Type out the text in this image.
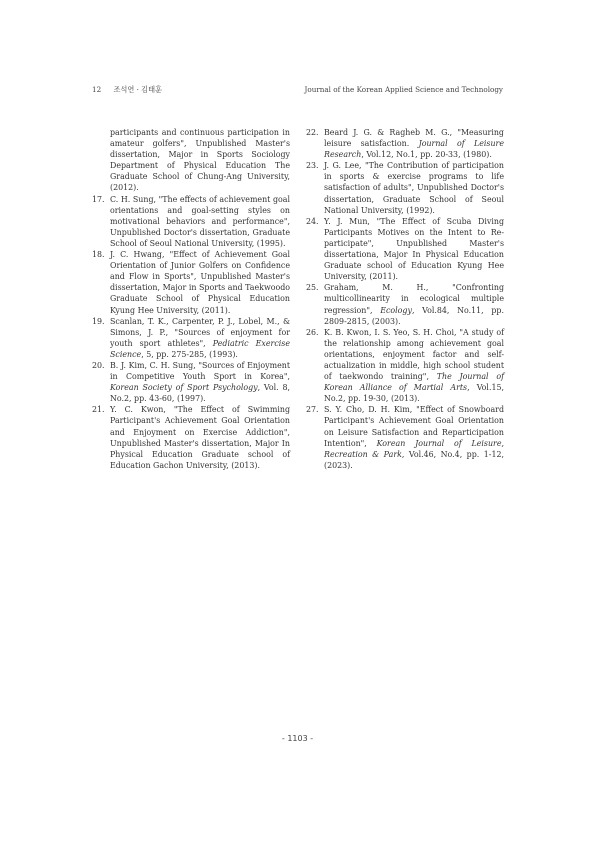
12 조석연 · 김태훈	Journal of the Korean Applied Science and Technology
participants and continuous participation in amateur golfers", Unpublished Master's dissertation, Major in Sports Sociology Department of Physical Education The Graduate School of Chung-Ang University, (2012).
17. C. H. Sung, "The effects of achievement goal orientations and goal-setting styles on motivational behaviors and performance", Unpublished Doctor's dissertation, Graduate School of Seoul National University, (1995).
18. J. C. Hwang, "Effect of Achievement Goal Orientation of Junior Golfers on Confidence and Flow in Sports", Unpublished Master's dissertation, Major in Sports and Taekwoodo Graduate School of Physical Education Kyung Hee University, (2011).
19. Scanlan, T. K., Carpenter, P. J., Lobel, M., & Simons, J. P., "Sources of enjoyment for youth sport athletes", Pediatric Exercise Science, 5, pp. 275-285, (1993).
20. B. J. Kim, C. H. Sung, "Sources of Enjoyment in Competitive Youth Sport in Korea", Korean Society of Sport Psychology, Vol. 8, No.2, pp. 43-60, (1997).
21. Y. C. Kwon, "The Effect of Swimming Participant's Achievement Goal Orientation and Enjoyment on Exercise Addiction", Unpublished Master's dissertation, Major In Physical Education Graduate school of Education Gachon University, (2013).
22. Beard J. G. & Ragheb M. G., "Measuring leisure satisfaction. Journal of Leisure Research, Vol.12, No.1, pp. 20-33, (1980).
23. J. G. Lee, "The Contribution of participation in sports & exercise programs to life satisfaction of adults", Unpublished Doctor's dissertation, Graduate School of Seoul National University, (1992).
24. Y. J. Mun, "The Effect of Scuba Diving Participants Motives on the Intent to Re-participate", Unpublished Master's dissertationa, Major In Physical Education Graduate school of Education Kyung Hee University, (2011).
25. Graham, M. H., "Confronting multicollinearity in ecological multiple regression", Ecology, Vol.84, No.11, pp. 2809-2815, (2003).
26. K. B. Kwon, I. S. Yeo, S. H. Choi, "A study of the relationship among achievement goal orientations, enjoyment factor and self-actualization in middle, high school student of taekwondo training", The Journal of Korean Alliance of Martial Arts, Vol.15, No.2, pp. 19-30, (2013).
27. S. Y. Cho, D. H. Kim, "Effect of Snowboard Participant's Achievement Goal Orientation on Leisure Satisfaction and Reparticipation Intention", Korean Journal of Leisure, Recreation & Park, Vol.46, No.4, pp. 1-12, (2023).
- 1103 -
